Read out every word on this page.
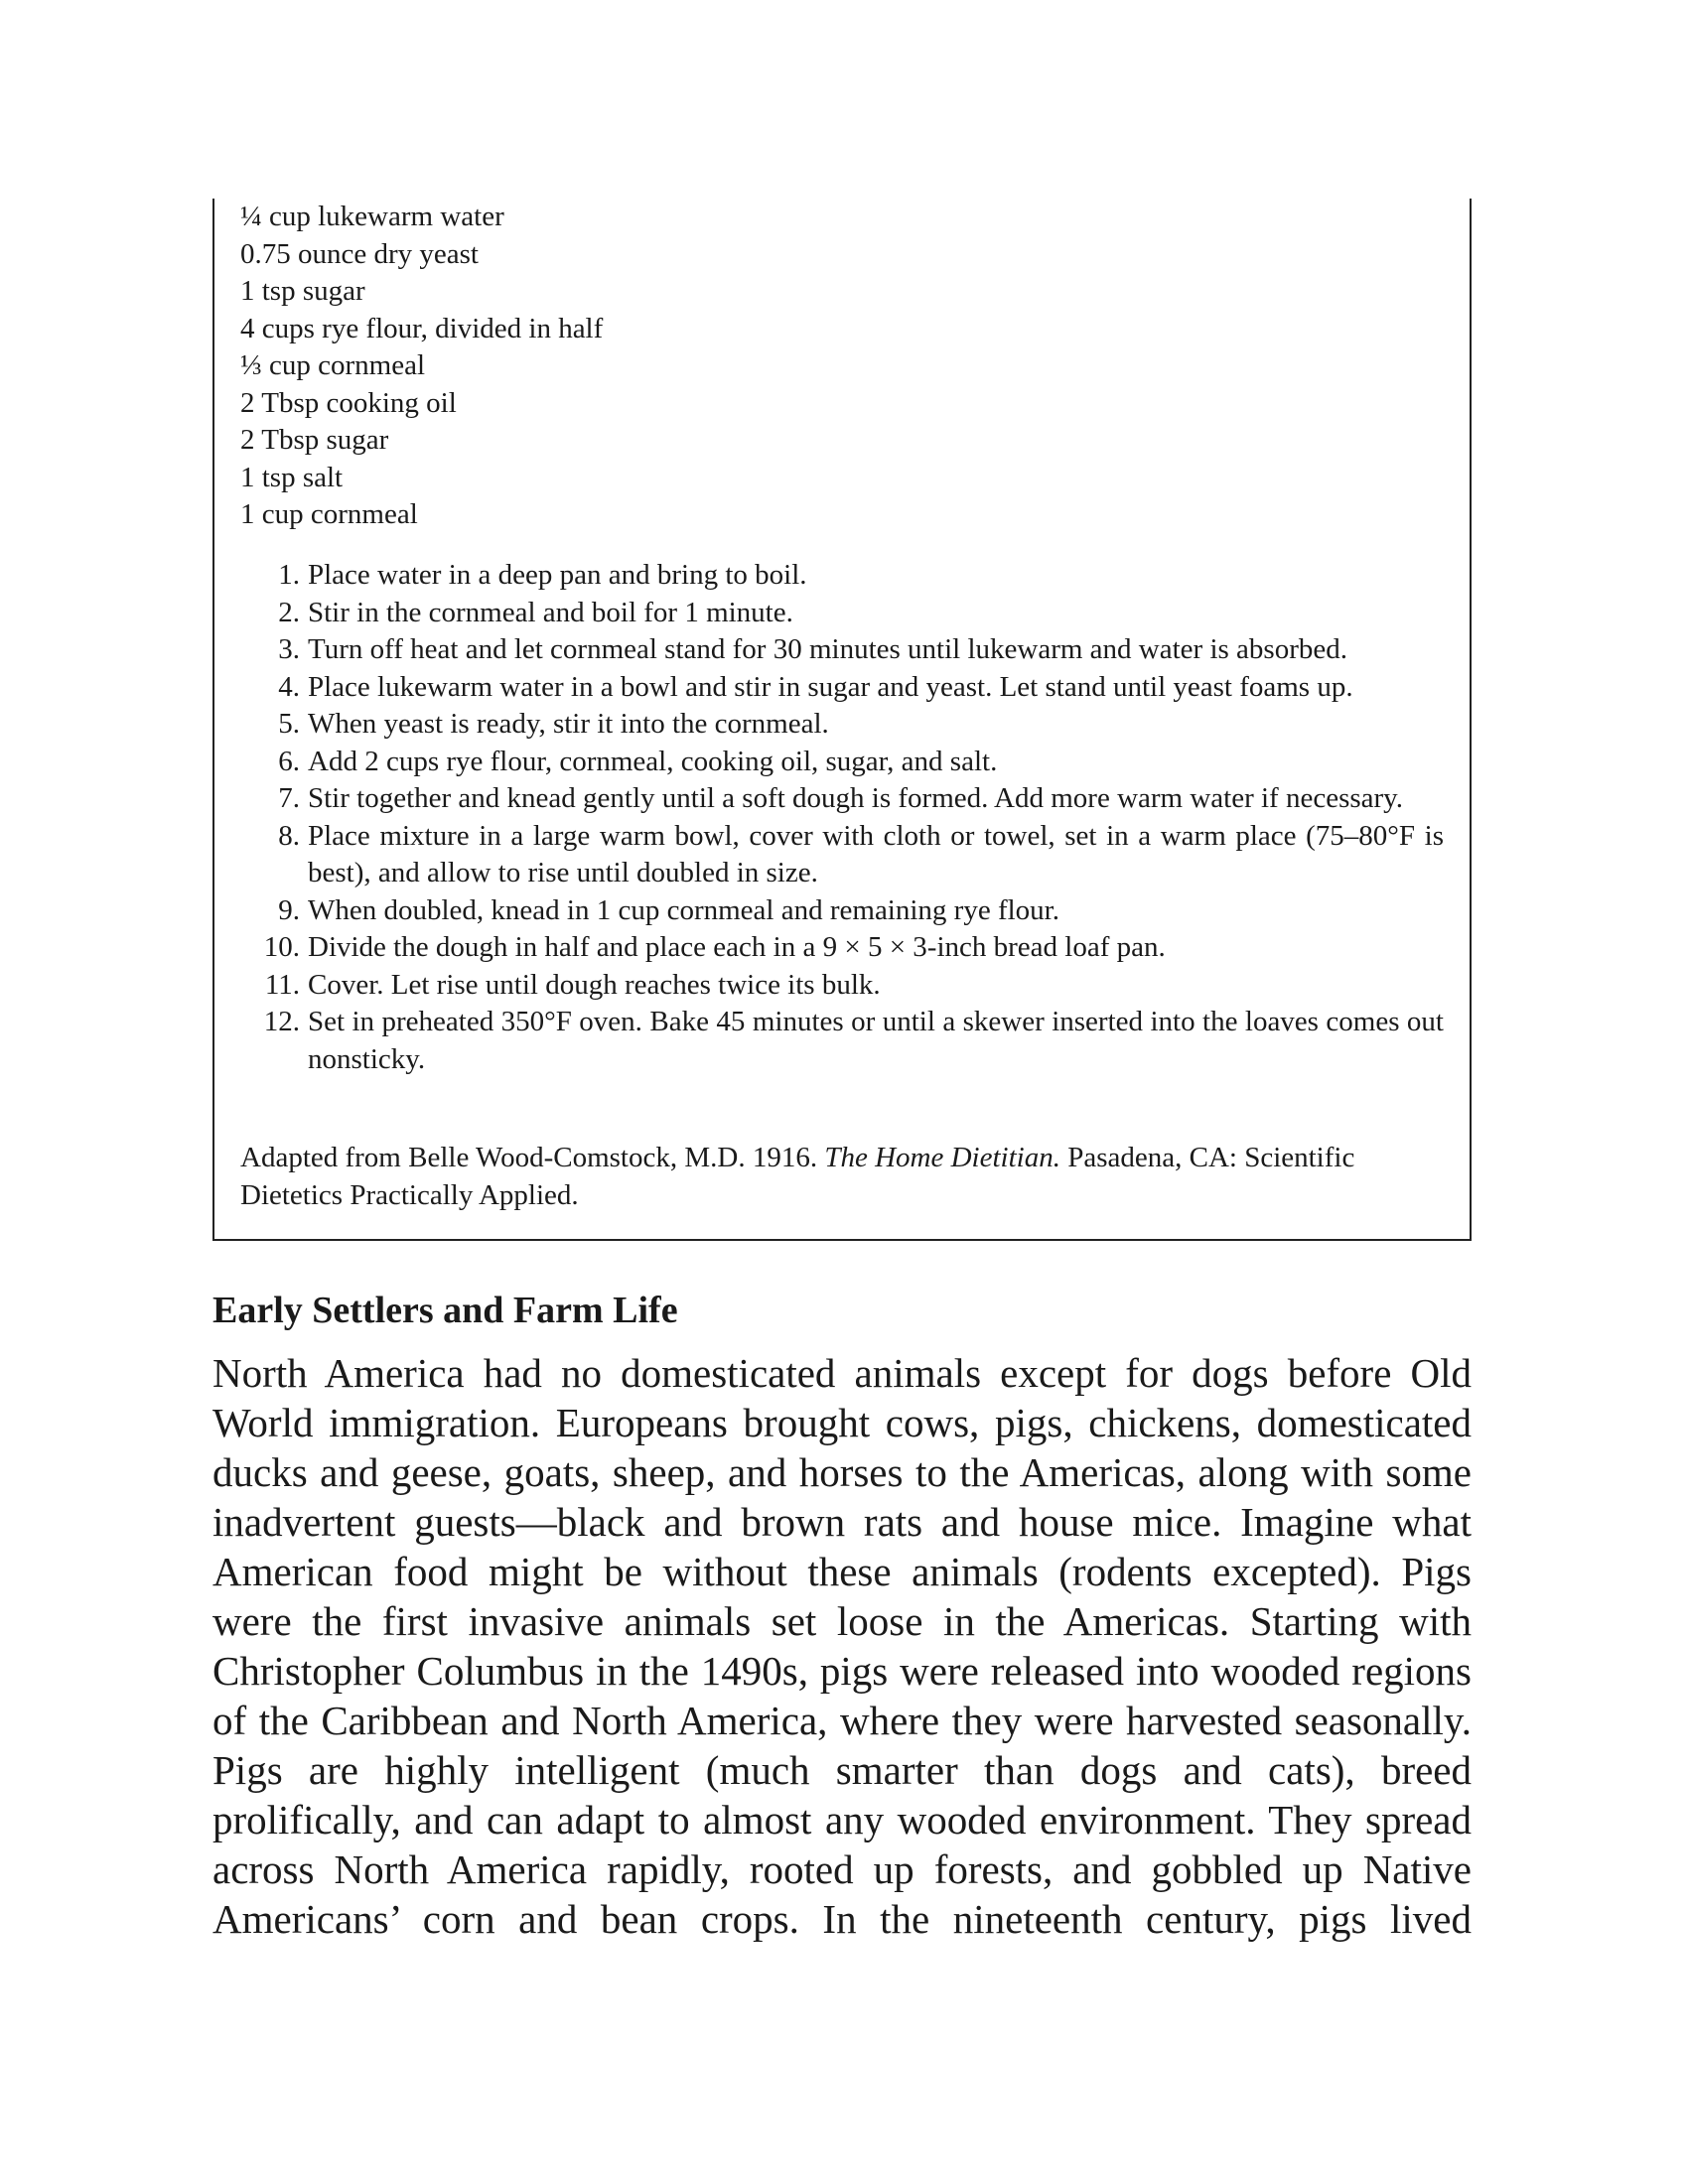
¼ cup lukewarm water
0.75 ounce dry yeast
1 tsp sugar
4 cups rye flour, divided in half
⅓ cup cornmeal
2 Tbsp cooking oil
2 Tbsp sugar
1 tsp salt
1 cup cornmeal
1. Place water in a deep pan and bring to boil.
2. Stir in the cornmeal and boil for 1 minute.
3. Turn off heat and let cornmeal stand for 30 minutes until lukewarm and water is absorbed.
4. Place lukewarm water in a bowl and stir in sugar and yeast. Let stand until yeast foams up.
5. When yeast is ready, stir it into the cornmeal.
6. Add 2 cups rye flour, cornmeal, cooking oil, sugar, and salt.
7. Stir together and knead gently until a soft dough is formed. Add more warm water if necessary.
8. Place mixture in a large warm bowl, cover with cloth or towel, set in a warm place (75–80°F is best), and allow to rise until doubled in size.
9. When doubled, knead in 1 cup cornmeal and remaining rye flour.
10. Divide the dough in half and place each in a 9 × 5 × 3-inch bread loaf pan.
11. Cover. Let rise until dough reaches twice its bulk.
12. Set in preheated 350°F oven. Bake 45 minutes or until a skewer inserted into the loaves comes out nonsticky.

Adapted from Belle Wood-Comstock, M.D. 1916. The Home Dietitian. Pasadena, CA: Scientific Dietetics Practically Applied.

Early Settlers and Farm Life

North America had no domesticated animals except for dogs before Old
World immigration. Europeans brought cows, pigs, chickens, domesticated
ducks and geese, goats, sheep, and horses to the Americas, along with some
inadvertent guests—black and brown rats and house mice. Imagine what
American food might be without these animals (rodents excepted). Pigs
were the first invasive animals set loose in the Americas. Starting with
Christopher Columbus in the 1490s, pigs were released into wooded regions
of the Caribbean and North America, where they were harvested seasonally.
Pigs are highly intelligent (much smarter than dogs and cats), breed
prolifically, and can adapt to almost any wooded environment. They spread
across North America rapidly, rooted up forests, and gobbled up Native
Americans’ corn and bean crops. In the nineteenth century, pigs lived
